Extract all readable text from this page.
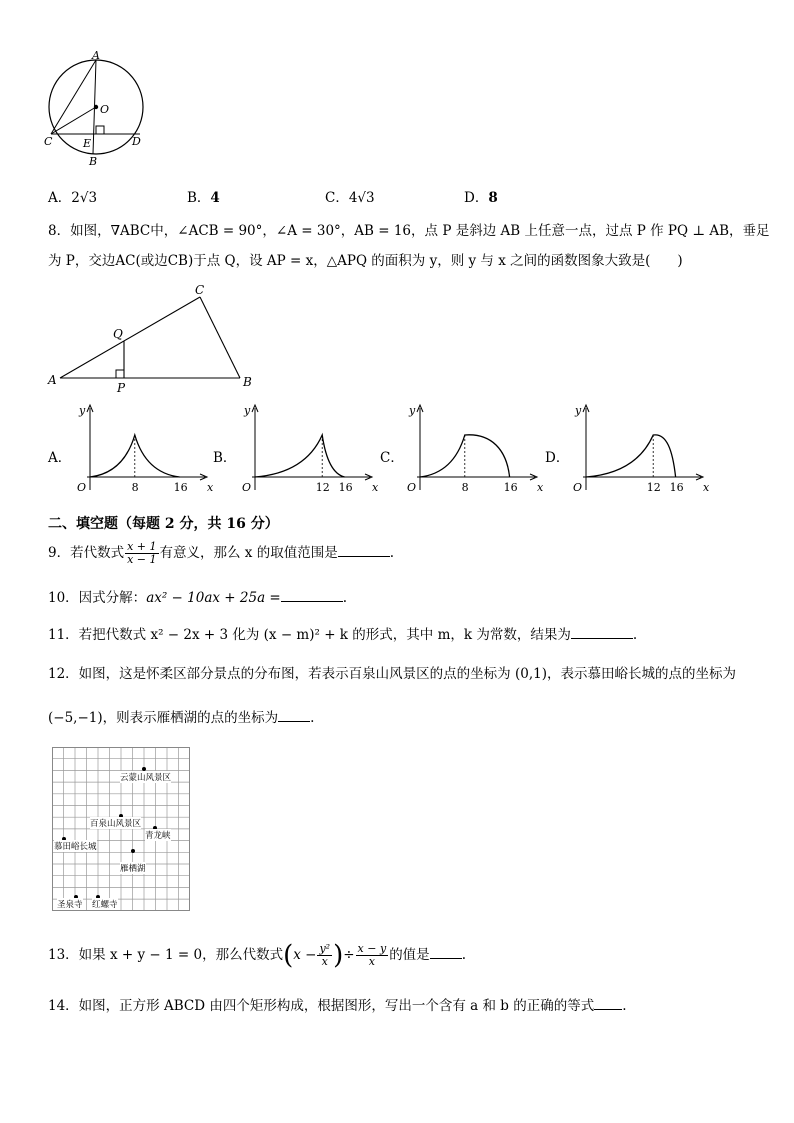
A
O
C	E	D
B
A．2√3	B．4	C．4√3	D．8
8．如图，∇ABC中，∠ACB = 90°，∠A = 30°，AB = 16，点 P 是斜边 AB 上任意一点，过点 P 作 PQ ⊥ AB，垂足
为 P，交边AC(或边CB)于点 Q，设 AP = x，△APQ 的面积为 y，则 y 与 x 之间的函数图象大致是(　　)
A	B
C
P
Q
A．	B．	C．	D．
y
O	x
8	16
y
O	x
12 16
y
O	x
8	16
y
O	x
12 16
二、填空题（每题 2 分，共 16 分）
9．若代数式 $\frac{x + 1}{x - 1}$ 有意义，那么 x 的取值范围是	.
10．因式分解：ax² − 10ax + 25a =	.
11．若把代数式 x² − 2x + 3 化为 (x − m)² + k 的形式，其中 m，k 为常数，结果为	.
12．如图，这是怀柔区部分景点的分布图，若表示百泉山风景区的点的坐标为 (0,1)，表示慕田峪长城的点的坐标为
(−5,−1)，则表示雁栖湖的点的坐标为 .
云蒙山风景区
百泉山风景区
青龙峡
慕田峪长城
雁栖湖
圣泉寺 红螺寺
13．如果 x + y − 1 = 0，那么代数式($x - \frac{\text{y²}}{x}$ )÷ $\frac{x - y}{x}$ 的值是 .
14．如图，正方形 ABCD 由四个矩形构成，根据图形，写出一个含有 a 和 b 的正确的等式 .
